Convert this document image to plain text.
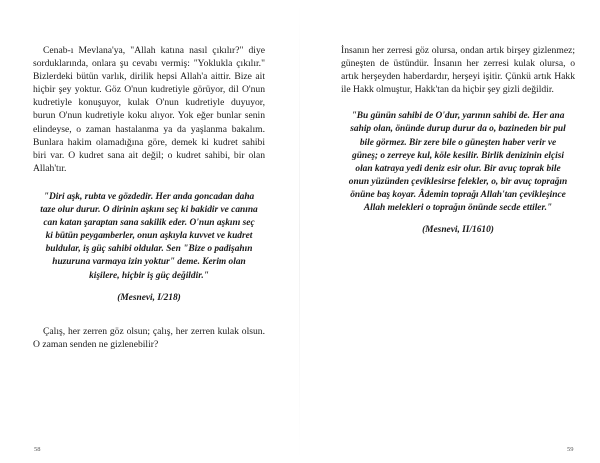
Cenab-ı Mevlana'ya, "Allah katına nasıl çıkılır?" diye sorduklarında, onlara şu cevabı vermiş: "Yoklukla çıkılır." Bizlerdeki bütün varlık, dirilik hepsi Allah'a aittir. Bize ait hiçbir şey yoktur. Göz O'nun kudretiyle görüyor, dil O'nun kudretiyle konuşuyor, kulak O'nun kudretiyle duyuyor, burun O'nun kudretiyle koku alıyor. Yok eğer bunlar senin elindeyse, o zaman hastalanma ya da yaşlanma bakalım. Bunlara hakim olamadığına göre, demek ki kudret sahibi biri var. O kudret sana ait değil; o kudret sahibi, bir olan Allah'tır.

"Diri aşk, rubta ve gözdedir. Her anda goncadan daha taze olur durur. O dirinin aşkını seç ki bakidir ve canına can katan şaraptan sana sakilik eder. O'nun aşkını seç ki bütün peygamberler, onun aşkıyla kuvvet ve kudret buldular, iş güç sahibi oldular. Sen "Bize o padişahın huzuruna varmaya izin yoktur" deme. Kerim olan kişilere, hiçbir iş güç değildir."

(Mesnevi, I/218)

Çalış, her zerren göz olsun; çalış, her zerren kulak olsun. O zaman senden ne gizlenebilir?

İnsanın her zerresi göz olursa, ondan artık birşey gizlenmez; güneşten de üstündür. İnsanın her zerresi kulak olursa, o artık herşeyden haberdardır, herşeyi işitir. Çünkü artık Hakk ile Hakk olmuştur, Hakk'tan da hiçbir şey gizli değildir.

"Bu günün sahibi de O'dur, yarının sahibi de. Her ana sahip olan, önünde durup durur da o, bazineden bir pul bile görmez. Bir zere bile o güneşten haber verir ve güneş; o zerreye kul, köle kesilir. Birlik denizinin elçisi olan katraya yedi deniz esir olur. Bir avuç toprak bile onun yüzünden çeviklesirse felekler, o, bir avuç toprağın önüne baş koyar. Âdemin toprağı Allah'tan çevikleşince Allah melekleri o toprağın önünde secde ettiler."

(Mesnevi, II/1610)

58	59
